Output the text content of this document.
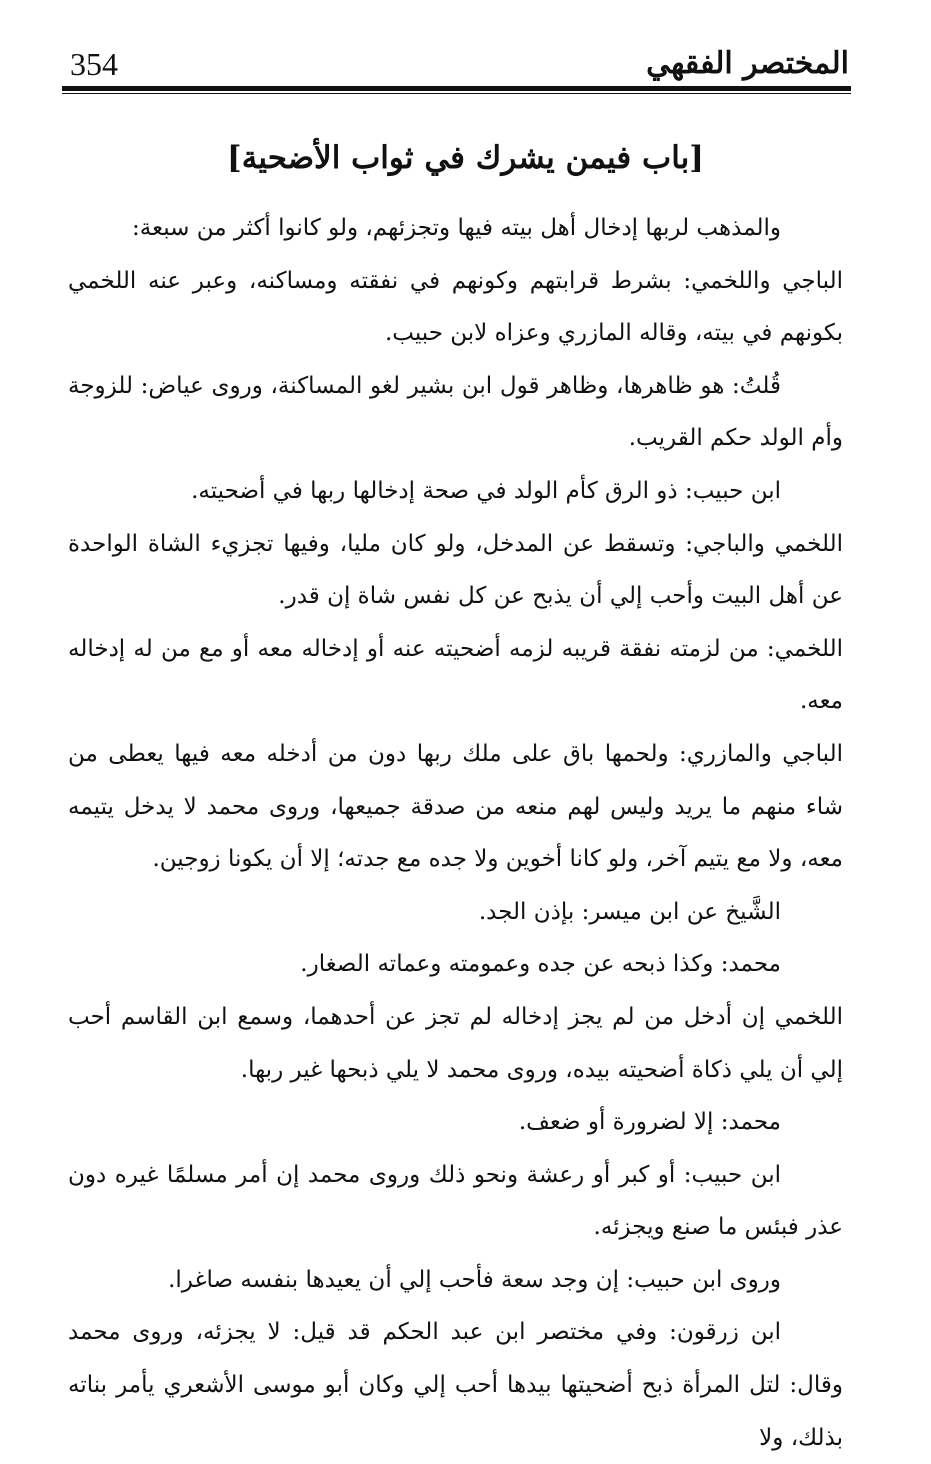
المختصر الفقهي
354
[باب فيمن يشرك في ثواب الأضحية]

والمذهب لربها إدخال أهل بيته فيها وتجزئهم، ولو كانوا أكثر من سبعة:

الباجي واللخمي: بشرط قرابتهم وكونهم في نفقته ومساكنه، وعبر عنه اللخمي بكونهم في بيته، وقاله المازري وعزاه لابن حبيب.

قُلتُ: هو ظاهرها، وظاهر قول ابن بشير لغو المساكنة، وروى عياض: للزوجة وأم الولد حكم القريب.

ابن حبيب: ذو الرق كأم الولد في صحة إدخالها ربها في أضحيته.

اللخمي والباجي: وتسقط عن المدخل، ولو كان مليا، وفيها تجزيء الشاة الواحدة عن أهل البيت وأحب إلي أن يذبح عن كل نفس شاة إن قدر.

اللخمي: من لزمته نفقة قريبه لزمه أضحيته عنه أو إدخاله معه أو مع من له إدخاله معه.

الباجي والمازري: ولحمها باق على ملك ربها دون من أدخله معه فيها يعطى من شاء منهم ما يريد وليس لهم منعه من صدقة جميعها، وروى محمد لا يدخل يتيمه معه، ولا مع يتيم آخر، ولو كانا أخوين ولا جده مع جدته؛ إلا أن يكونا زوجين.

الشَّيخ عن ابن ميسر: بإذن الجد.

محمد: وكذا ذبحه عن جده وعمومته وعماته الصغار.

اللخمي إن أدخل من لم يجز إدخاله لم تجز عن أحدهما، وسمع ابن القاسم أحب إلي أن يلي ذكاة أضحيته بيده، وروى محمد لا يلي ذبحها غير ربها.

محمد: إلا لضرورة أو ضعف.

ابن حبيب: أو كبر أو رعشة ونحو ذلك وروى محمد إن أمر مسلمًا غيره دون عذر فبئس ما صنع ويجزئه.

وروى ابن حبيب: إن وجد سعة فأحب إلي أن يعيدها بنفسه صاغرا.

ابن زرقون: وفي مختصر ابن عبد الحكم قد قيل: لا يجزئه، وروى محمد وقال: لتل المرأة ذبح أضحيتها بيدها أحب إلي وكان أبو موسى الأشعري يأمر بناته بذلك، ولا
